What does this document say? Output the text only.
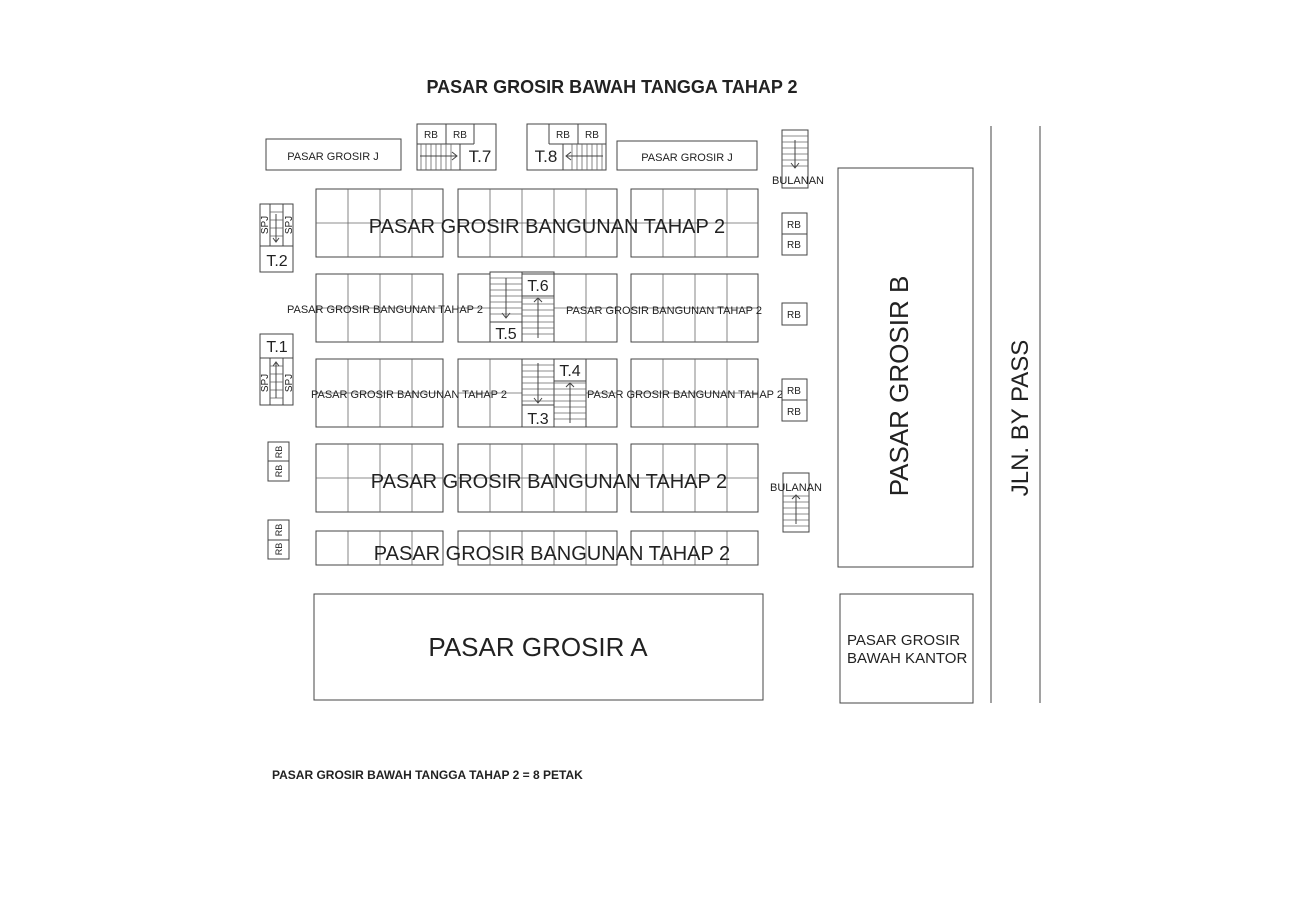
PASAR GROSIR BAWAH TANGGA TAHAP 2
PASAR GROSIR J	PASAR GROSIR J
RB RB
T.7
RB RB
T.8
BULANAN
SPJ SPJ
T.2
T.1
SPJ SPJ
RB
RB
RB
RB
PASAR GROSIR BANGUNAN TAHAP 2
PASAR GROSIR BANGUNAN TAHAP 2	PASAR GROSIR BANGUNAN TAHAP 2
T.5
T.6
PASAR GROSIR BANGUNAN TAHAP 2	PASAR GROSIR BANGUNAN TAHAP 2
T.3
T.4
PASAR GROSIR BANGUNAN TAHAP 2
PASAR GROSIR BANGUNAN TAHAP 2
RB
RB
RB
RB
RB
BULANAN PASAR GROSIR B	JLN. BY PASS
PASAR GROSIR A	PASAR GROSIR
BAWAH KANTOR
PASAR GROSIR BAWAH TANGGA TAHAP 2 = 8 PETAK
